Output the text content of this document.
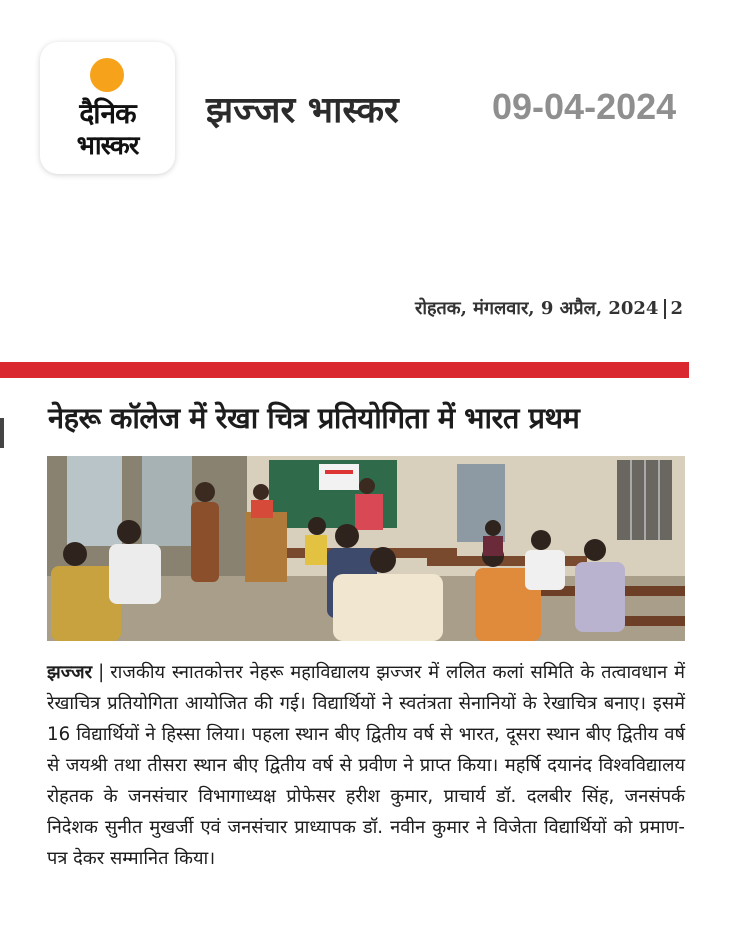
दैनिक
भास्कर
झज्जर भास्कर	09-04-2024
रोहतक, मंगलवार, 9 अप्रैल, 2024 2
नेहरू कॉलेज में रेखा चित्र प्रतियोगिता में भारत प्रथम
झज्जर | राजकीय स्नातकोत्तर नेहरू महाविद्यालय झज्जर में ललित कलां समिति के तत्वावधान में रेखाचित्र प्रतियोगिता आयोजित की गई। विद्यार्थियों ने स्वतंत्रता सेनानियों के रेखाचित्र बनाए। इसमें 16 विद्यार्थियों ने हिस्सा लिया। पहला स्थान बीए द्वितीय वर्ष से भारत, दूसरा स्थान बीए द्वितीय वर्ष से जयश्री तथा तीसरा स्थान बीए द्वितीय वर्ष से प्रवीण ने प्राप्त किया। महर्षि दयानंद विश्वविद्यालय रोहतक के जनसंचार विभागाध्यक्ष प्रोफेसर हरीश कुमार, प्राचार्य डॉ. दलबीर सिंह, जनसंपर्क निदेशक सुनीत मुखर्जी एवं जनसंचार प्राध्यापक डॉ. नवीन कुमार ने विजेता विद्यार्थियों को प्रमाण-पत्र देकर सम्मानित किया।
